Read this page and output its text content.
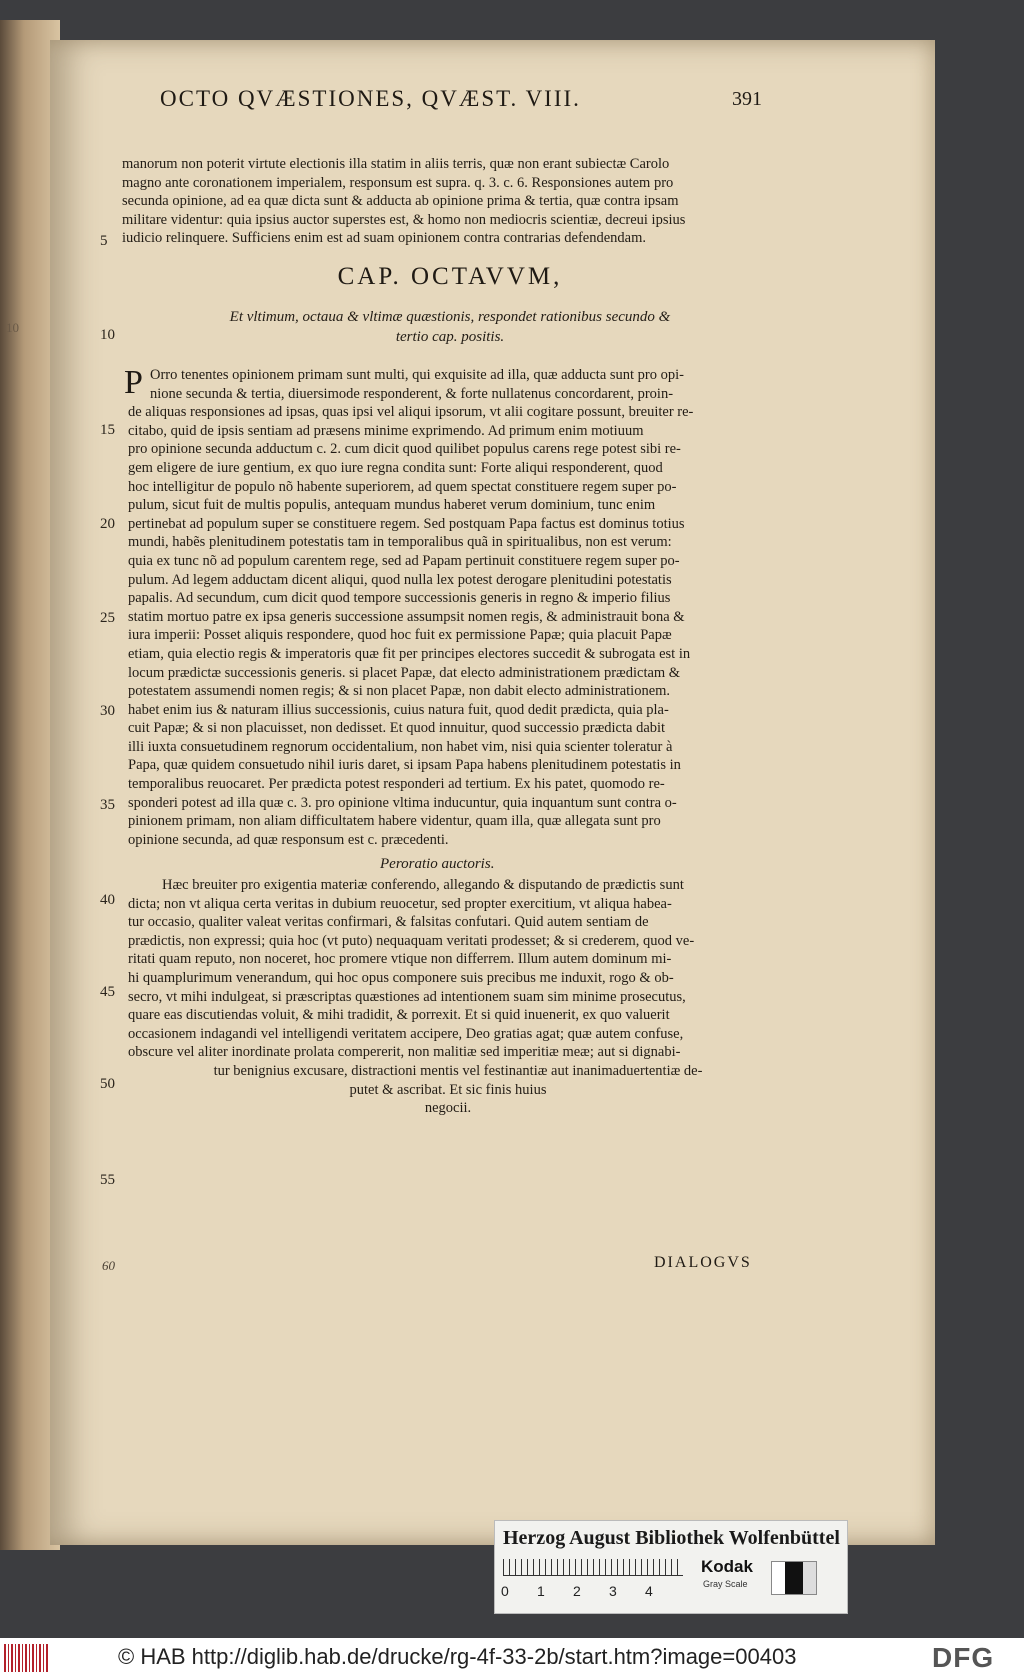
10
OCTO QVÆSTIONES, QVÆST. VIII.	391
manorum non poterit virtute electionis illa statim in aliis terris, quæ non erant subiectæ Carolo
magno ante coronationem imperialem, responsum est supra. q. 3. c. 6. Responsiones autem pro
secunda opinione, ad ea quæ dicta sunt & adducta ab opinione prima & tertia, quæ contra ipsam
militare videntur: quia ipsius auctor superstes est, & homo non mediocris scientiæ, decreui ipsius
iudicio relinquere. Sufficiens enim est ad suam opinionem contra contrarias defendendam.
CAP. OCTAVVM,
Et vltimum, octaua & vltimæ quæstionis, respondet rationibus secundo &
tertio cap. positis.
P Orro tenentes opinionem primam sunt multi, qui exquisite ad illa, quæ adducta sunt pro opi-
nione secunda & tertia, diuersimode responderent, & forte nullatenus concordarent, proin-
de aliquas responsiones ad ipsas, quas ipsi vel aliqui ipsorum, vt alii cogitare possunt, breuiter re-
citabo, quid de ipsis sentiam ad præsens minime exprimendo. Ad primum enim motiuum
pro opinione secunda adductum c. 2. cum dicit quod quilibet populus carens rege potest sibi re-
gem eligere de iure gentium, ex quo iure regna condita sunt: Forte aliqui responderent, quod
hoc intelligitur de populo nõ habente superiorem, ad quem spectat constituere regem super po-
pulum, sicut fuit de multis populis, antequam mundus haberet verum dominium, tunc enim
pertinebat ad populum super se constituere regem. Sed postquam Papa factus est dominus totius
mundi, habẽs plenitudinem potestatis tam in temporalibus quã in spiritualibus, non est verum:
quia ex tunc nõ ad populum carentem rege, sed ad Papam pertinuit constituere regem super po-
pulum. Ad legem adductam dicent aliqui, quod nulla lex potest derogare plenitudini potestatis
papalis. Ad secundum, cum dicit quod tempore successionis generis in regno & imperio filius
statim mortuo patre ex ipsa generis successione assumpsit nomen regis, & administrauit bona &
iura imperii: Posset aliquis respondere, quod hoc fuit ex permissione Papæ; quia placuit Papæ
etiam, quia electio regis & imperatoris quæ fit per principes electores succedit & subrogata est in
locum prædictæ successionis generis. si placet Papæ, dat electo administrationem prædictam &
potestatem assumendi nomen regis; & si non placet Papæ, non dabit electo administrationem.
habet enim ius & naturam illius successionis, cuius natura fuit, quod dedit prædicta, quia pla-
cuit Papæ; & si non placuisset, non dedisset. Et quod innuitur, quod successio prædicta dabit
illi iuxta consuetudinem regnorum occidentalium, non habet vim, nisi quia scienter toleratur à
Papa, quæ quidem consuetudo nihil iuris daret, si ipsam Papa habens plenitudinem potestatis in
temporalibus reuocaret. Per prædicta potest responderi ad tertium. Ex his patet, quomodo re-
sponderi potest ad illa quæ c. 3. pro opinione vltima inducuntur, quia inquantum sunt contra o-
pinionem primam, non aliam difficultatem habere videntur, quam illa, quæ allegata sunt pro
opinione secunda, ad quæ responsum est c. præcedenti.
Peroratio auctoris.
Hæc breuiter pro exigentia materiæ conferendo, allegando & disputando de prædictis sunt
dicta; non vt aliqua certa veritas in dubium reuocetur, sed propter exercitium, vt aliqua habea-
tur occasio, qualiter valeat veritas confirmari, & falsitas confutari. Quid autem sentiam de
prædictis, non expressi; quia hoc (vt puto) nequaquam veritati prodesset; & si crederem, quod ve-
ritati quam reputo, non noceret, hoc promere vtique non differrem. Illum autem dominum mi-
hi quamplurimum venerandum, qui hoc opus componere suis precibus me induxit, rogo & ob-
secro, vt mihi indulgeat, si præscriptas quæstiones ad intentionem suam sim minime prosecutus,
quare eas discutiendas voluit, & mihi tradidit, & porrexit. Et si quid inuenerit, ex quo valuerit
occasionem indagandi vel intelligendi veritatem accipere, Deo gratias agat; quæ autem confuse,
obscure vel aliter inordinate prolata compererit, non malitiæ sed imperitiæ meæ; aut si dignabi-
tur benignius excusare, distractioni mentis vel festinantiæ aut inanimaduertentiæ de-
putet & ascribat. Et sic finis huius
negocii.
5
10
15
20
25
30
35
40
45
50
55
60	DIALOGVS
Herzog August Bibliothek Wolfenbüttel
0 1 2 3 4
Kodak
Gray Scale
© HAB http://diglib.hab.de/drucke/rg-4f-33-2b/start.htm?image=00403	DFG
